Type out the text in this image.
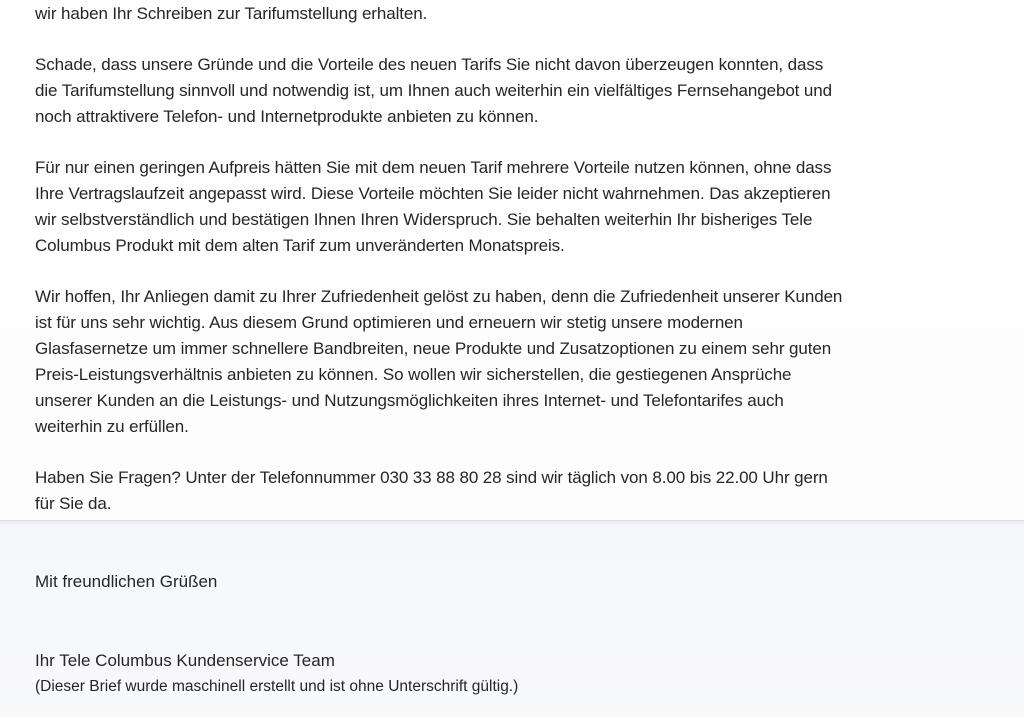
wir haben Ihr Schreiben zur Tarifumstellung erhalten.

Schade, dass unsere Gründe und die Vorteile des neuen Tarifs Sie nicht davon überzeugen konnten, dass
die Tarifumstellung sinnvoll und notwendig ist, um Ihnen auch weiterhin ein vielfältiges Fernsehangebot und
noch attraktivere Telefon- und Internetprodukte anbieten zu können.

Für nur einen geringen Aufpreis hätten Sie mit dem neuen Tarif mehrere Vorteile nutzen können, ohne dass
Ihre Vertragslaufzeit angepasst wird. Diese Vorteile möchten Sie leider nicht wahrnehmen. Das akzeptieren
wir selbstverständlich und bestätigen Ihnen Ihren Widerspruch. Sie behalten weiterhin Ihr bisheriges Tele
Columbus Produkt mit dem alten Tarif zum unveränderten Monatspreis.

Wir hoffen, Ihr Anliegen damit zu Ihrer Zufriedenheit gelöst zu haben, denn die Zufriedenheit unserer Kunden
ist für uns sehr wichtig. Aus diesem Grund optimieren und erneuern wir stetig unsere modernen
Glasfasernetze um immer schnellere Bandbreiten, neue Produkte und Zusatzoptionen zu einem sehr guten
Preis-Leistungsverhältnis anbieten zu können. So wollen wir sicherstellen, die gestiegenen Ansprüche
unserer Kunden an die Leistungs- und Nutzungsmöglichkeiten ihres Internet- und Telefontarifes auch
weiterhin zu erfüllen.

Haben Sie Fragen? Unter der Telefonnummer 030 33 88 80 28 sind wir täglich von 8.00 bis 22.00 Uhr gern
für Sie da.

Mit freundlichen Grüßen

Ihr Tele Columbus Kundenservice Team

(Dieser Brief wurde maschinell erstellt und ist ohne Unterschrift gültig.)
